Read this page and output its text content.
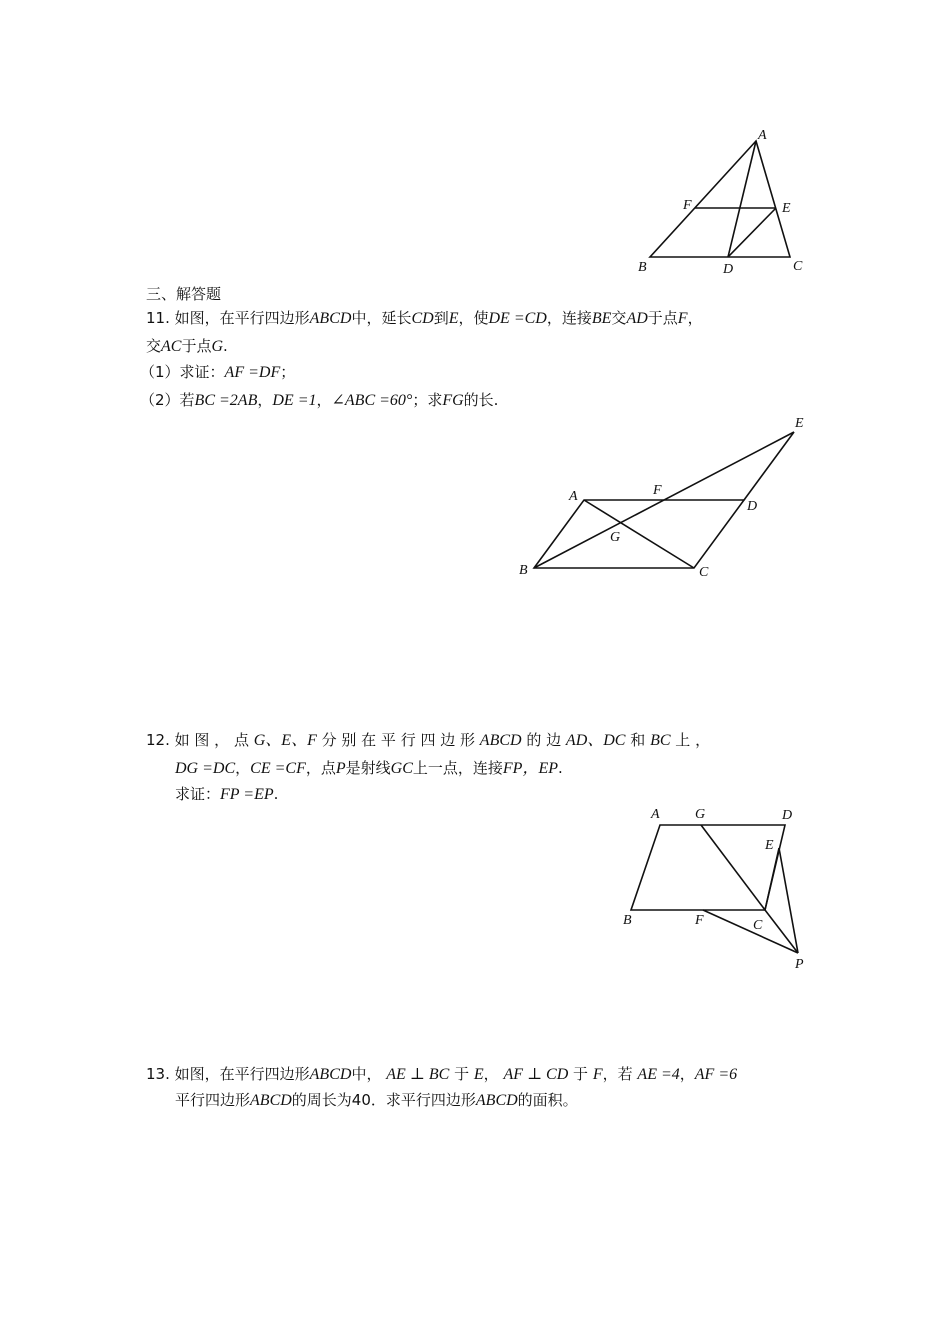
A
B	C
D
E
F
三、解答题
11. 如图，在平行四边形ABCD中，延长CD到E，使DE =CD，连接BE交AD于点F，
交AC于点G.
（1）求证：AF =DF；
（2）若BC =2AB，DE =1，∠ABC =60°；求FG的长.
A
B	C
D
E
F
G
12. 如 图 ， 点 G、E、F 分 别 在 平 行 四 边 形 ABCD 的 边 AD、DC 和 BC 上 ，
DG =DC，CE =CF，点P是射线GC上一点，连接FP，EP.
求证：FP =EP.
A	G	D
E
B	F	C
P
13. 如图，在平行四边形ABCD中， AE ⊥ BC 于 E， AF ⊥ CD 于 F，若 AE =4，AF =6
平行四边形ABCD的周长为40．求平行四边形ABCD的面积。
